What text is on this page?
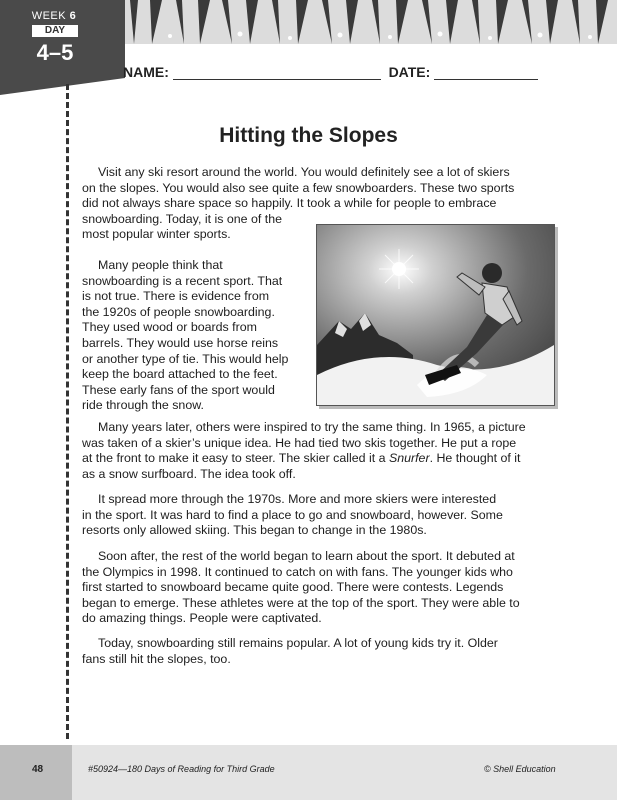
WEEK 6
DAY
4–5
NAME:	DATE:
Hitting the Slopes
Visit any ski resort around the world. You would definitely see a lot of skiers
on the slopes. You would also see quite a few snowboarders. These two sports
did not always share space so happily. It took a while for people to embrace
snowboarding. Today, it is one of the
most popular winter sports.
Many people think that
snowboarding is a recent sport. That
is not true. There is evidence from
the 1920s of people snowboarding.
They used wood or boards from
barrels. They would use horse reins
or another type of tie. This would help
keep the board attached to the feet.
These early fans of the sport would
ride through the snow.
Many years later, others were inspired to try the same thing. In 1965, a picture
was taken of a skier’s unique idea. He had tied two skis together. He put a rope
at the front to make it easy to steer. The skier called it a Snurfer. He thought of it
as a snow surfboard. The idea took off.
It spread more through the 1970s. More and more skiers were interested
in the sport. It was hard to find a place to go and snowboard, however. Some
resorts only allowed skiing. This began to change in the 1980s.
Soon after, the rest of the world began to learn about the sport. It debuted at
the Olympics in 1998. It continued to catch on with fans. The younger kids who
first started to snowboard became quite good. There were contests. Legends
began to emerge. These athletes were at the top of the sport. They were able to
do amazing things. People were captivated.
Today, snowboarding still remains popular. A lot of young kids try it. Older
fans still hit the slopes, too.
48	#50924—180 Days of Reading for Third Grade	© Shell Education
